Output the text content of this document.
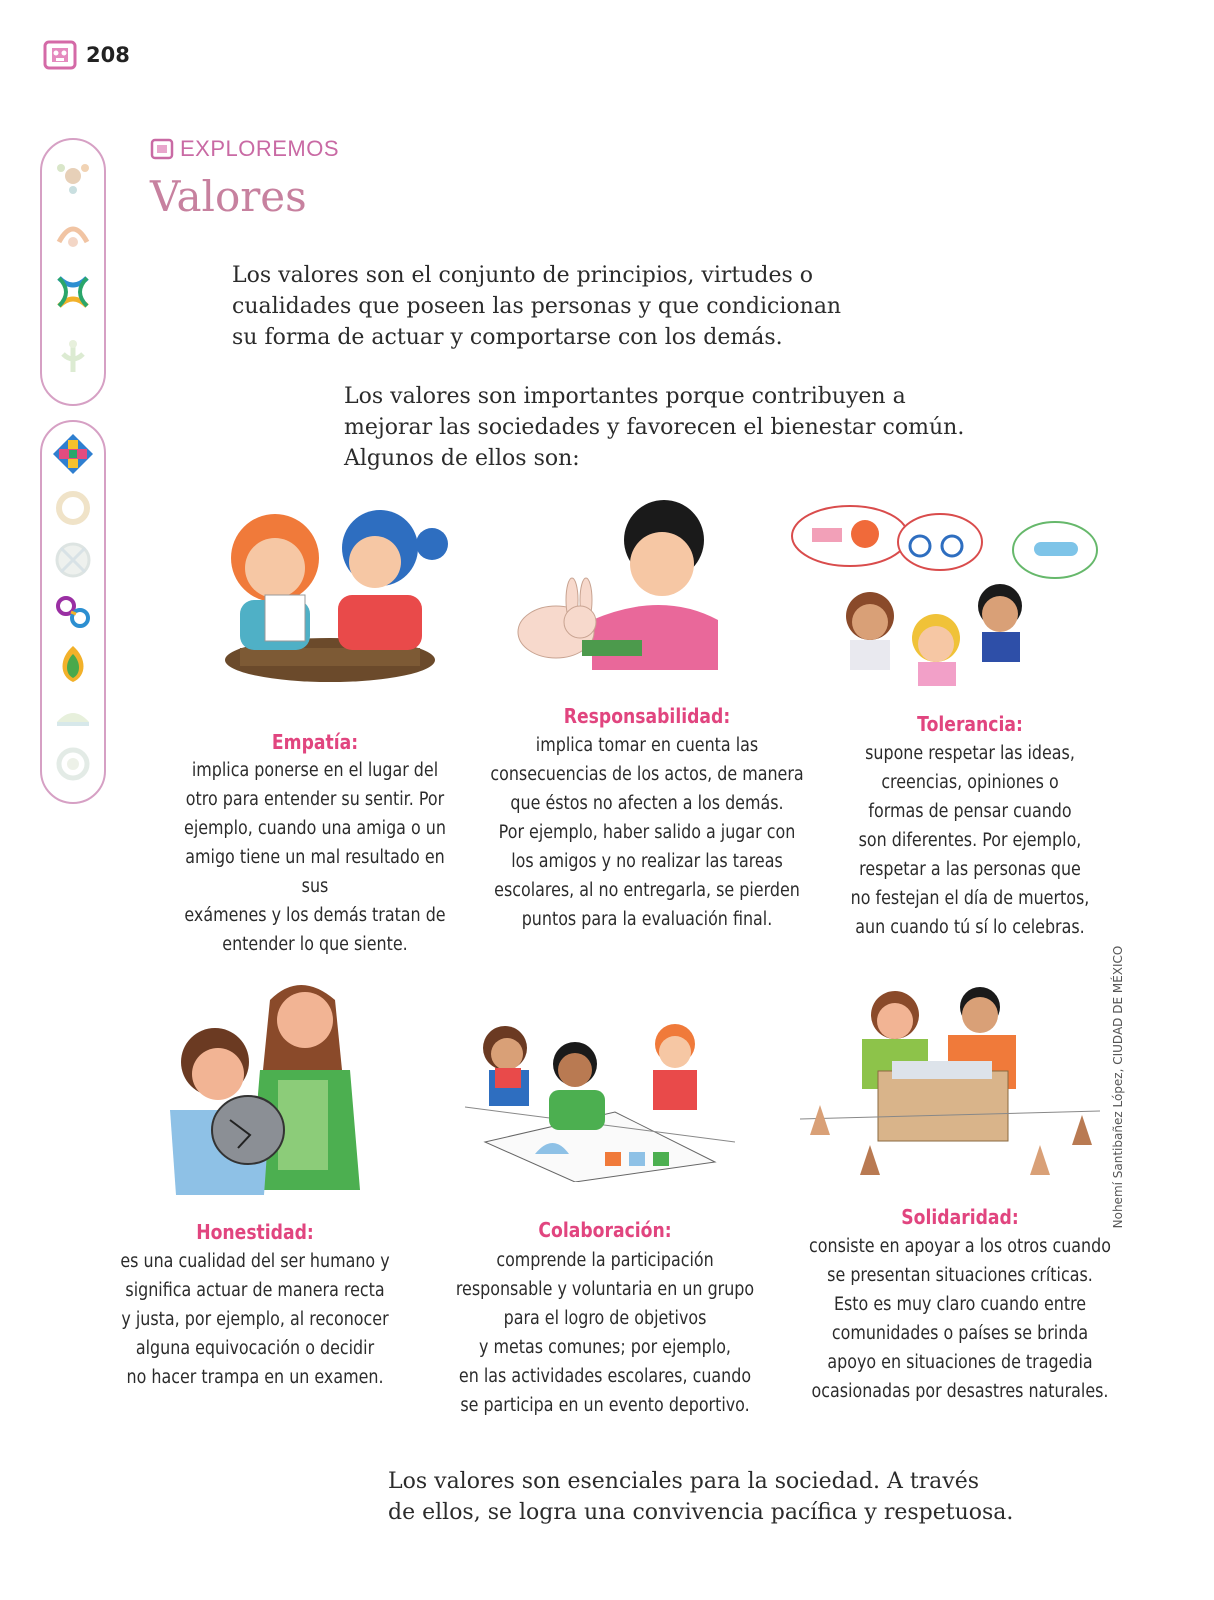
208
EXPLOREMOS
Valores
Los valores son el conjunto de principios, virtudes o
cualidades que poseen las personas y que condicionan
su forma de actuar y comportarse con los demás.
Los valores son importantes porque contribuyen a
mejorar las sociedades y favorecen el bienestar común.
Algunos de ellos son:
Empatía:
implica ponerse en el lugar del
otro para entender su sentir. Por
ejemplo, cuando una amiga o un
amigo tiene un mal resultado en sus
exámenes y los demás tratan de
entender lo que siente.
Responsabilidad:
implica tomar en cuenta las
consecuencias de los actos, de manera
que éstos no afecten a los demás.
Por ejemplo, haber salido a jugar con
los amigos y no realizar las tareas
escolares, al no entregarla, se pierden
puntos para la evaluación final.
Tolerancia:
supone respetar las ideas,
creencias, opiniones o
formas de pensar cuando
son diferentes. Por ejemplo,
respetar a las personas que
no festejan el día de muertos,
aun cuando tú sí lo celebras.
Nohemí Santibañez López, CIUDAD DE MÉXICO
Honestidad:
es una cualidad del ser humano y
significa actuar de manera recta
y justa, por ejemplo, al reconocer
alguna equivocación o decidir
no hacer trampa en un examen.
Colaboración:
comprende la participación
responsable y voluntaria en un grupo
para el logro de objetivos
y metas comunes; por ejemplo,
en las actividades escolares, cuando
se participa en un evento deportivo.
Solidaridad:
consiste en apoyar a los otros cuando
se presentan situaciones críticas.
Esto es muy claro cuando entre
comunidades o países se brinda
apoyo en situaciones de tragedia
ocasionadas por desastres naturales.
Los valores son esenciales para la sociedad. A través
de ellos, se logra una convivencia pacífica y respetuosa.
